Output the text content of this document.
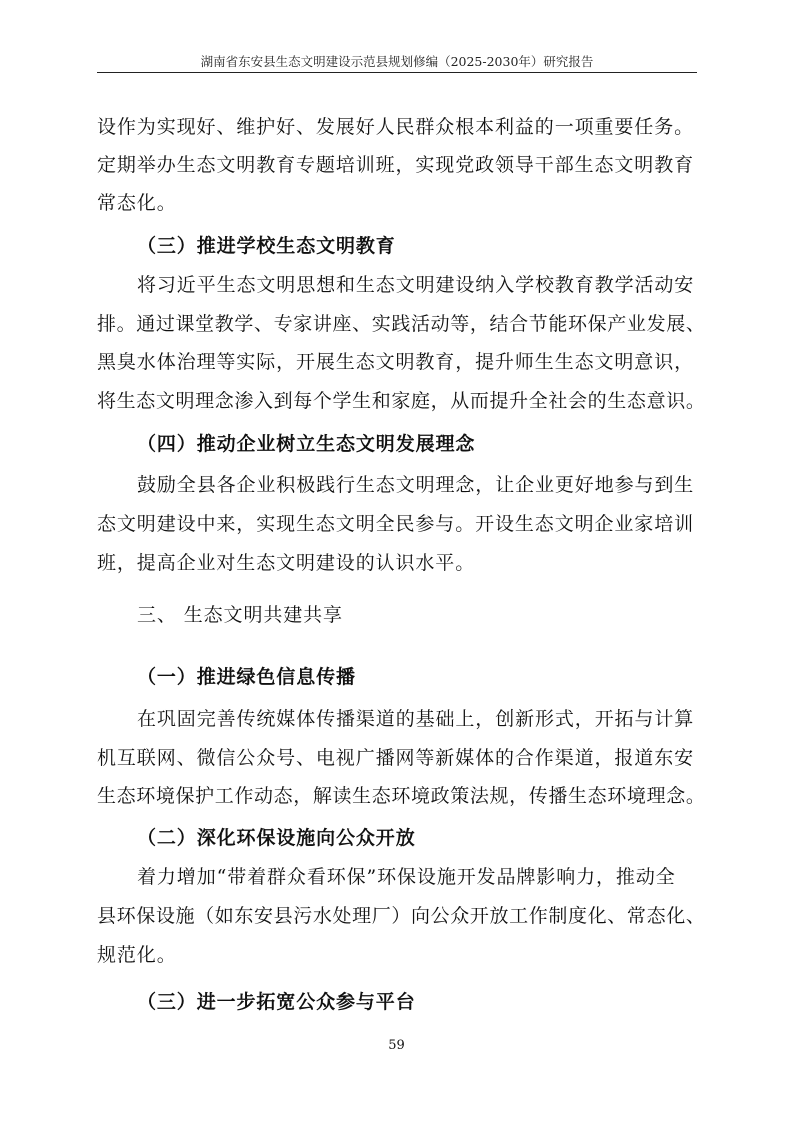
湖南省东安县生态文明建设示范县规划修编（2025-2030年）研究报告
设作为实现好、维护好、发展好人民群众根本利益的一项重要任务。
定期举办生态文明教育专题培训班，实现党政领导干部生态文明教育
常态化。
（三）推进学校生态文明教育
将习近平生态文明思想和生态文明建设纳入学校教育教学活动安
排。通过课堂教学、专家讲座、实践活动等，结合节能环保产业发展、
黑臭水体治理等实际，开展生态文明教育，提升师生生态文明意识，
将生态文明理念渗入到每个学生和家庭，从而提升全社会的生态意识。
（四）推动企业树立生态文明发展理念
鼓励全县各企业积极践行生态文明理念，让企业更好地参与到生
态文明建设中来，实现生态文明全民参与。开设生态文明企业家培训
班，提高企业对生态文明建设的认识水平。
三、 生态文明共建共享
（一）推进绿色信息传播
在巩固完善传统媒体传播渠道的基础上，创新形式，开拓与计算
机互联网、微信公众号、电视广播网等新媒体的合作渠道，报道东安
生态环境保护工作动态，解读生态环境政策法规，传播生态环境理念。
（二）深化环保设施向公众开放
着力增加“带着群众看环保”环保设施开发品牌影响力，推动全
县环保设施（如东安县污水处理厂）向公众开放工作制度化、常态化、
规范化。
（三）进一步拓宽公众参与平台
59
